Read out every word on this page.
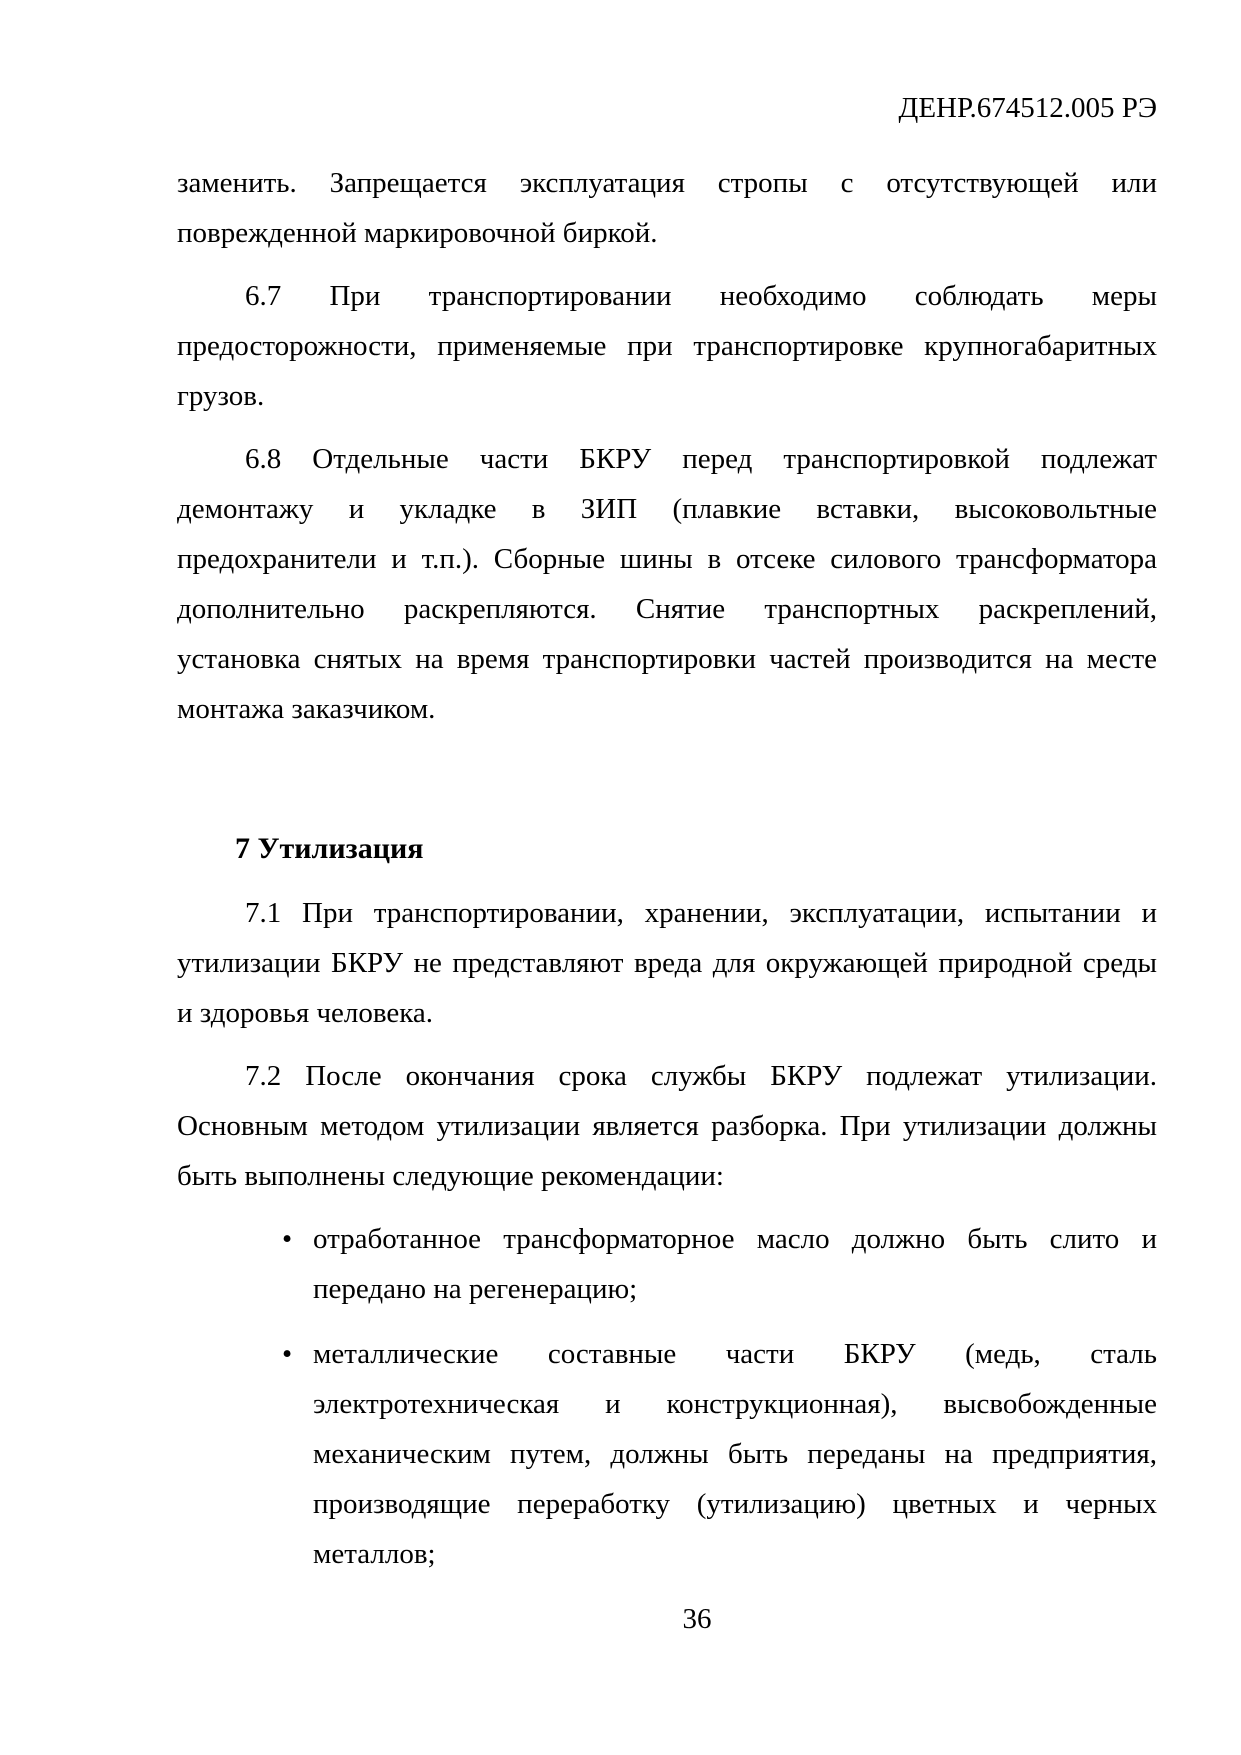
ДЕНР.674512.005 РЭ
заменить. Запрещается эксплуатация стропы с отсутствующей или
поврежденной маркировочной биркой.
6.7 При транспортировании необходимо соблюдать меры
предосторожности, применяемые при транспортировке крупногабаритных
грузов.
6.8 Отдельные части БКРУ перед транспортировкой подлежат
демонтажу и укладке в ЗИП (плавкие вставки, высоковольтные
предохранители и т.п.). Сборные шины в отсеке силового трансформатора
дополнительно раскрепляются. Снятие транспортных раскреплений,
установка снятых на время транспортировки частей производится на месте
монтажа заказчиком.
7 Утилизация
7.1 При транспортировании, хранении, эксплуатации, испытании и
утилизации БКРУ не представляют вреда для окружающей природной среды
и здоровья человека.
7.2 После окончания срока службы БКРУ подлежат утилизации.
Основным методом утилизации является разборка. При утилизации должны
быть выполнены следующие рекомендации:
• отработанное трансформаторное масло должно быть слито и
передано на регенерацию;
• металлические составные части БКРУ (медь, сталь
электротехническая и конструкционная), высвобожденные
механическим путем, должны быть переданы на предприятия,
производящие переработку (утилизацию) цветных и черных
металлов;
36
